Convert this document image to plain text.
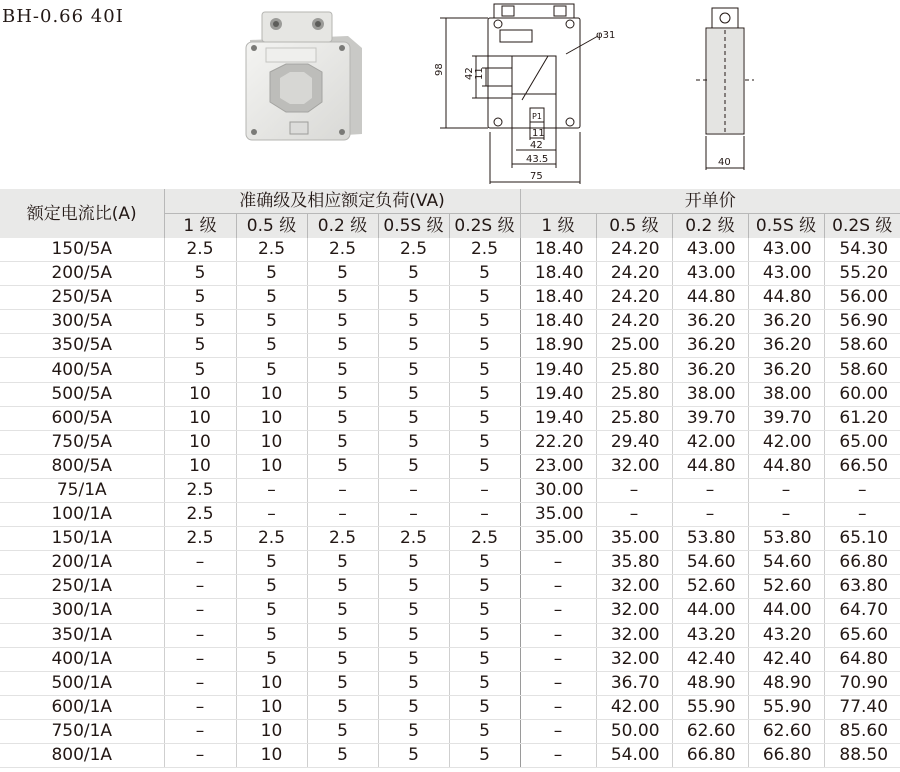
BH-0.66 40I
98 42 11
φ31
P1
11
42
43.5
75
40
额定电流比(A)	准确级及相应额定负荷(VA)					开单价				
	1 级	0.5 级	0.2 级	0.5S 级	0.2S 级	1 级	0.5 级	0.2 级	0.5S 级	0.2S 级
150/5A	2.5	2.5	2.5	2.5	2.5	18.40	24.20	43.00	43.00	54.30
200/5A	5	5	5	5	5	18.40	24.20	43.00	43.00	55.20
250/5A	5	5	5	5	5	18.40	24.20	44.80	44.80	56.00
300/5A	5	5	5	5	5	18.40	24.20	36.20	36.20	56.90
350/5A	5	5	5	5	5	18.90	25.00	36.20	36.20	58.60
400/5A	5	5	5	5	5	19.40	25.80	36.20	36.20	58.60
500/5A	10	10	5	5	5	19.40	25.80	38.00	38.00	60.00
600/5A	10	10	5	5	5	19.40	25.80	39.70	39.70	61.20
750/5A	10	10	5	5	5	22.20	29.40	42.00	42.00	65.00
800/5A	10	10	5	5	5	23.00	32.00	44.80	44.80	66.50
75/1A	2.5	–	–	–	–	30.00	–	–	–	–
100/1A	2.5	–	–	–	–	35.00	–	–	–	–
150/1A	2.5	2.5	2.5	2.5	2.5	35.00	35.00	53.80	53.80	65.10
200/1A	–	5	5	5	5	–	35.80	54.60	54.60	66.80
250/1A	–	5	5	5	5	–	32.00	52.60	52.60	63.80
300/1A	–	5	5	5	5	–	32.00	44.00	44.00	64.70
350/1A	–	5	5	5	5	–	32.00	43.20	43.20	65.60
400/1A	–	5	5	5	5	–	32.00	42.40	42.40	64.80
500/1A	–	10	5	5	5	–	36.70	48.90	48.90	70.90
600/1A	–	10	5	5	5	–	42.00	55.90	55.90	77.40
750/1A	–	10	5	5	5	–	50.00	62.60	62.60	85.60
800/1A	–	10	5	5	5	–	54.00	66.80	66.80	88.50
